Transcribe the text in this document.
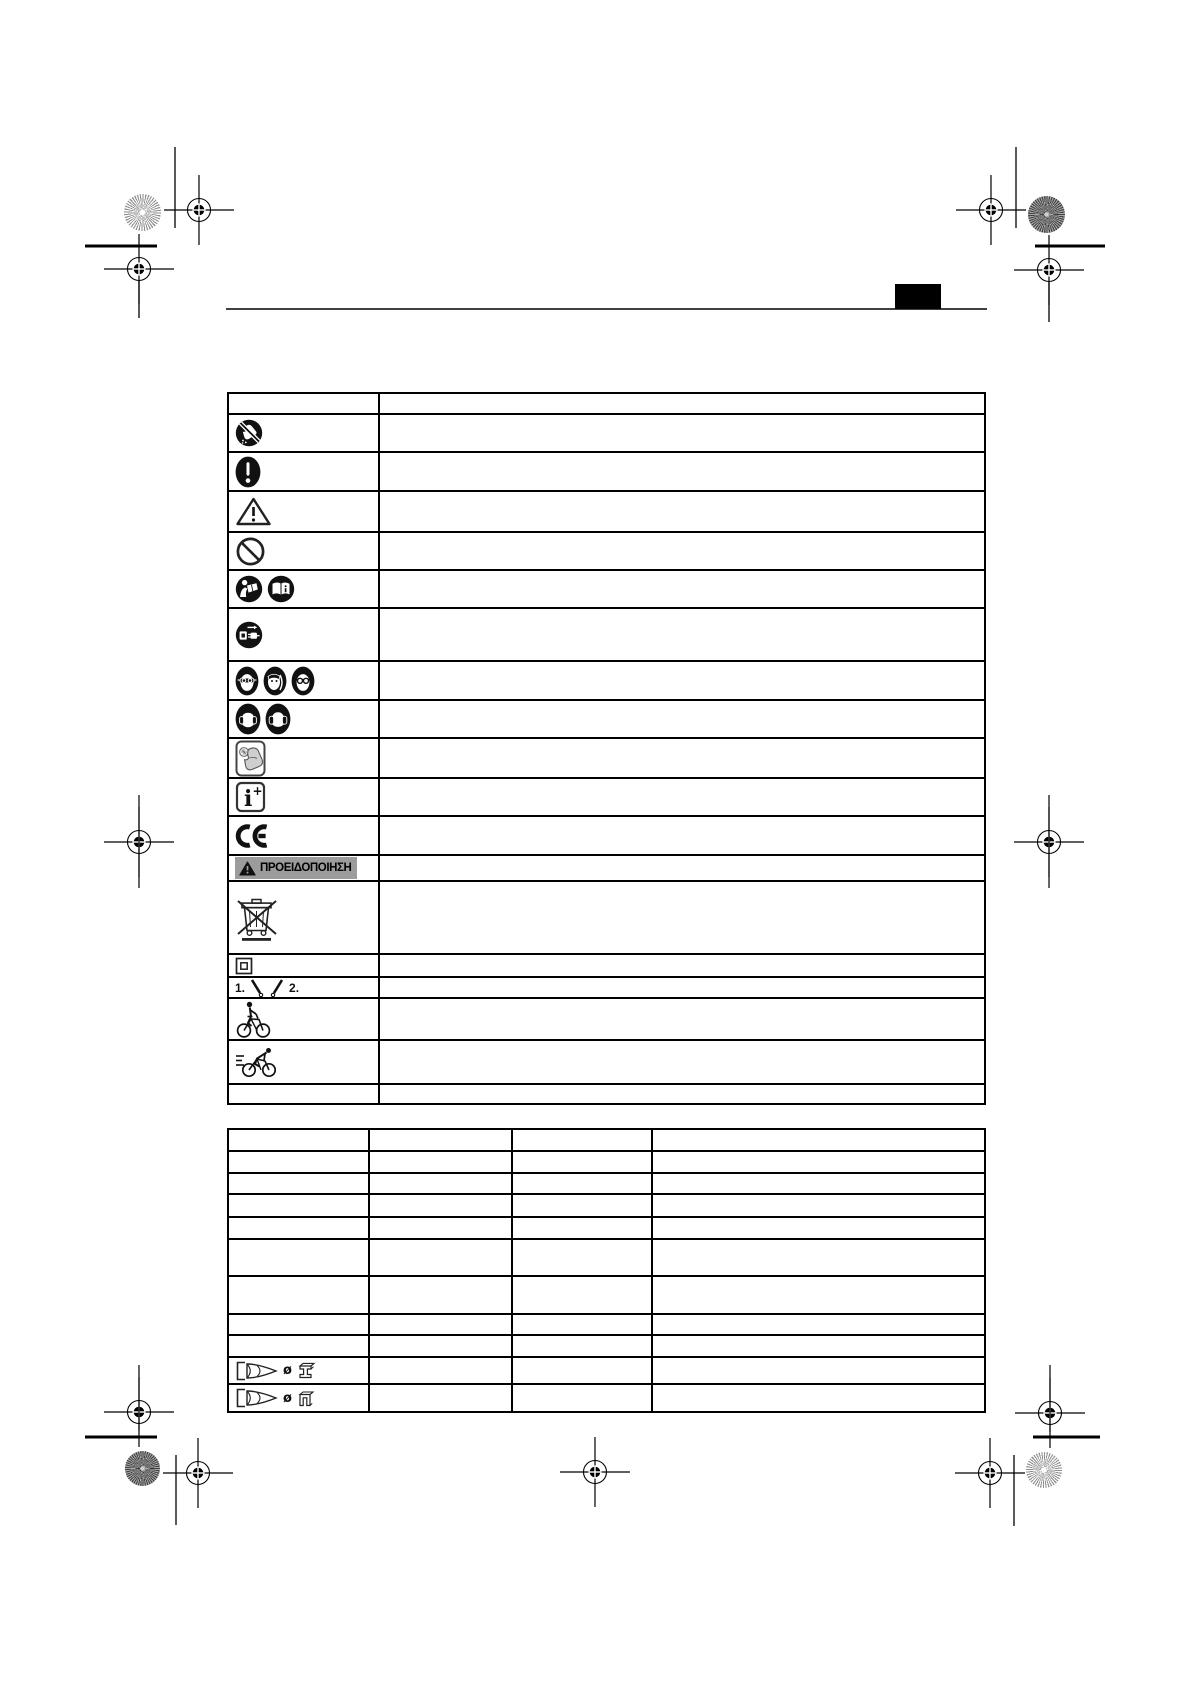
i +
ΠΡΟΕΙΔΟΠΟΙΗΣΗ
1.	2.
ø
ø
